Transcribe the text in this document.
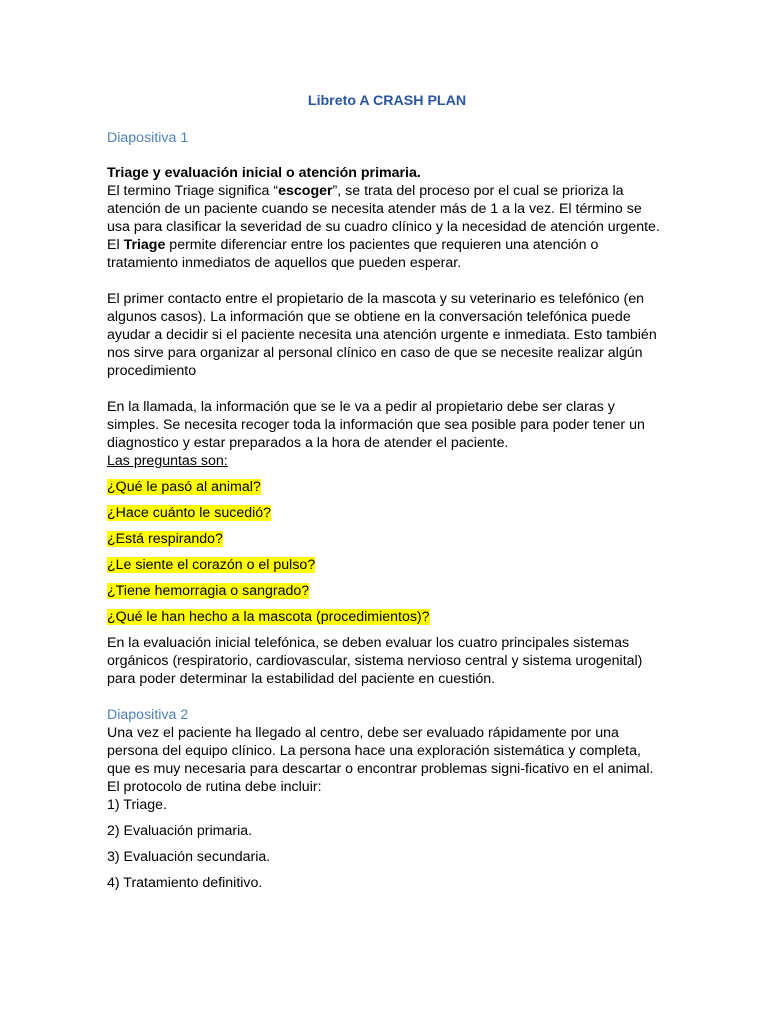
Libreto A CRASH PLAN
Diapositiva 1
Triage y evaluación inicial o atención primaria.

El termino Triage significa “escoger”, se trata del proceso por el cual se prioriza la atención de un paciente cuando se necesita atender más de 1 a la vez. El término se usa para clasificar la severidad de su cuadro clínico y la necesidad de atención urgente.

El Triage permite diferenciar entre los pacientes que requieren una atención o tratamiento inmediatos de aquellos que pueden esperar.

El primer contacto entre el propietario de la mascota y su veterinario es telefónico (en algunos casos). La información que se obtiene en la conversación telefónica puede ayudar a decidir si el paciente necesita una atención urgente e inmediata. Esto también nos sirve para organizar al personal clínico en caso de que se necesite realizar algún procedimiento

En la llamada, la información que se le va a pedir al propietario debe ser claras y simples. Se necesita recoger toda la información que sea posible para poder tener un diagnostico y estar preparados a la hora de atender el paciente.

Las preguntas son:

¿Qué le pasó al animal?

¿Hace cuánto le sucedió?

¿Está respirando?

¿Le siente el corazón o el pulso?

¿Tiene hemorragia o sangrado?

¿Qué le han hecho a la mascota (procedimientos)?

En la evaluación inicial telefónica, se deben evaluar los cuatro principales sistemas orgánicos (respiratorio, cardiovascular, sistema nervioso central y sistema urogenital) para poder determinar la estabilidad del paciente en cuestión.

Diapositiva 2

Una vez el paciente ha llegado al centro, debe ser evaluado rápidamente por una persona del equipo clínico. La persona hace una exploración sistemática y completa, que es muy necesaria para descartar o encontrar problemas signi-ficativo en el animal. El protocolo de rutina debe incluir:

1) Triage.

2) Evaluación primaria.

3) Evaluación secundaria.

4) Tratamiento definitivo.
